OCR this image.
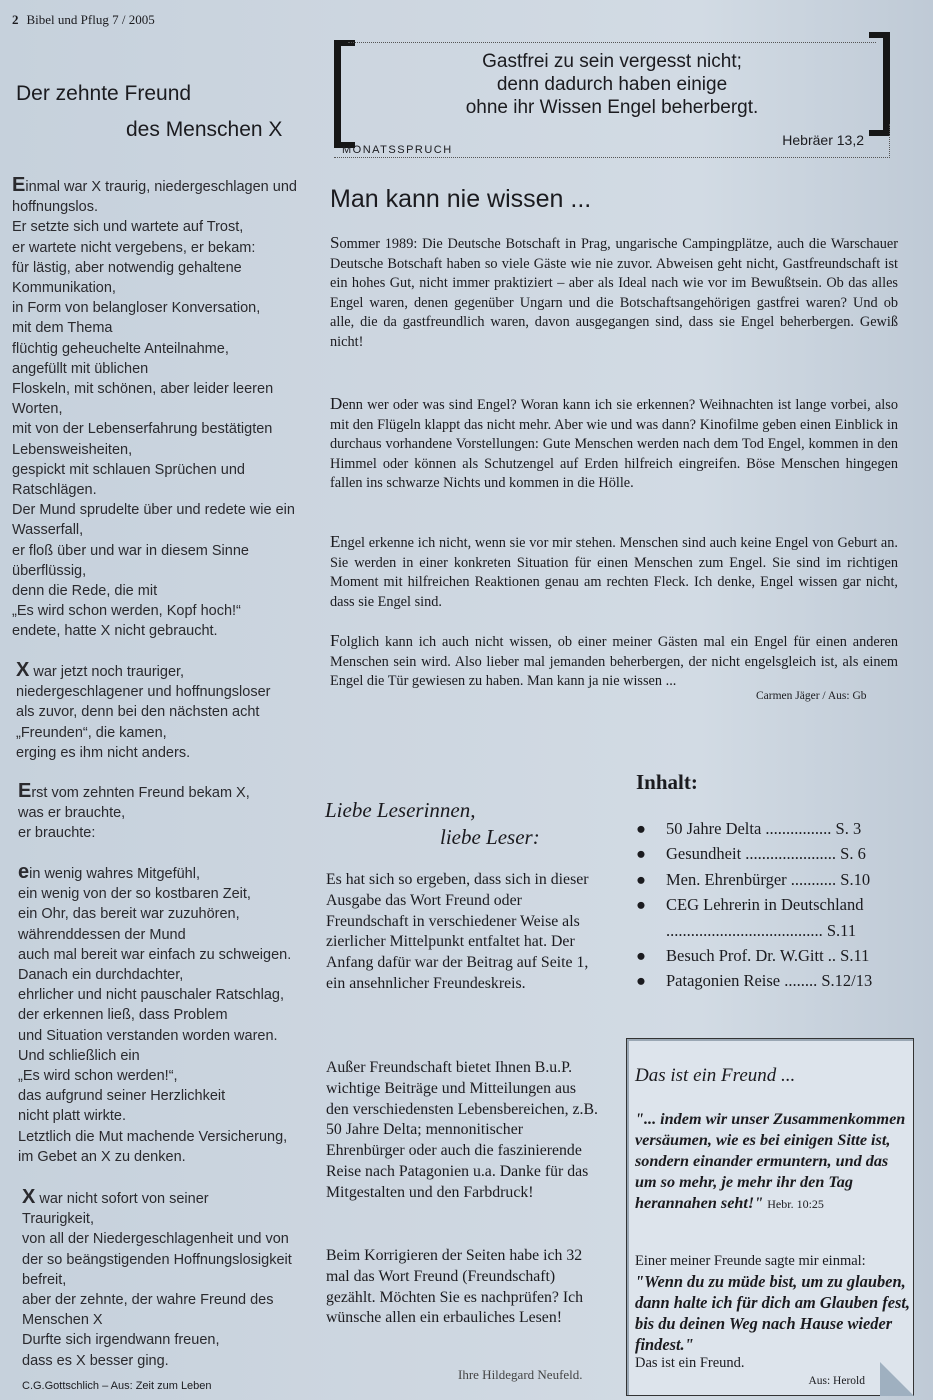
2 Bibel und Pflug 7 / 2005
Der zehnte Freund
des Menschen X
Einmal war X traurig, niedergeschlagen und
hoffnungslos.
Er setzte sich und wartete auf Trost,
er wartete nicht vergebens, er bekam:
für lästig, aber notwendig gehaltene
Kommunikation,
in Form von belangloser Konversation,
mit dem Thema
flüchtig geheuchelte Anteilnahme,
angefüllt mit üblichen
Floskeln, mit schönen, aber leider leeren
Worten,
mit von der Lebenserfahrung bestätigten
Lebensweisheiten,
gespickt mit schlauen Sprüchen und
Ratschlägen.
Der Mund sprudelte über und redete wie ein
Wasserfall,
er floß über und war in diesem Sinne
überflüssig,
denn die Rede, die mit
„Es wird schon werden, Kopf hoch!“
endete, hatte X nicht gebraucht.
X war jetzt noch trauriger,
niedergeschlagener und hoffnungsloser
als zuvor, denn bei den nächsten acht
„Freunden“, die kamen,
erging es ihm nicht anders.
Erst vom zehnten Freund bekam X,
was er brauchte,
er brauchte:
ein wenig wahres Mitgefühl,
ein wenig von der so kostbaren Zeit,
ein Ohr, das bereit war zuzuhören,
währenddessen der Mund
auch mal bereit war einfach zu schweigen.
Danach ein durchdachter,
ehrlicher und nicht pauschaler Ratschlag,
der erkennen ließ, dass Problem
und Situation verstanden worden waren.
Und schließlich ein
„Es wird schon werden!“,
das aufgrund seiner Herzlichkeit
nicht platt wirkte.
Letztlich die Mut machende Versicherung,
im Gebet an X zu denken.
X war nicht sofort von seiner
Traurigkeit,
von all der Niedergeschlagenheit und von
der so beängstigenden Hoffnungslosigkeit
befreit,
aber der zehnte, der wahre Freund des
Menschen X
Durfte sich irgendwann freuen,
dass es X besser ging.
C.G.Gottschlich – Aus: Zeit zum Leben
Gastfrei zu sein vergesst nicht;
denn dadurch haben einige
ohne ihr Wissen Engel beherbergt.
MONATSSPRUCH
Hebräer 13,2
Man kann nie wissen ...
Sommer 1989: Die Deutsche Botschaft in Prag, ungarische Campingplätze, auch die Warschauer Deutsche Botschaft haben so viele Gäste wie nie zuvor. Abweisen geht nicht, Gastfreundschaft ist ein hohes Gut, nicht immer praktiziert – aber als Ideal nach wie vor im Bewußtsein. Ob das alles Engel waren, denen gegenüber Ungarn und die Botschaftsangehörigen gastfrei waren? Und ob alle, die da gastfreundlich waren, davon ausgegangen sind, dass sie Engel beherbergen. Gewiß nicht!
Denn wer oder was sind Engel? Woran kann ich sie erkennen? Weihnachten ist lange vorbei, also mit den Flügeln klappt das nicht mehr. Aber wie und was dann? Kinofilme geben einen Einblick in durchaus vorhandene Vorstellungen: Gute Menschen werden nach dem Tod Engel, kommen in den Himmel oder können als Schutzengel auf Erden hilfreich eingreifen. Böse Menschen hingegen fallen ins schwarze Nichts und kommen in die Hölle.
Engel erkenne ich nicht, wenn sie vor mir stehen. Menschen sind auch keine Engel von Geburt an. Sie werden in einer konkreten Situation für einen Menschen zum Engel. Sie sind im richtigen Moment mit hilfreichen Reaktionen genau am rechten Fleck. Ich denke, Engel wissen gar nicht, dass sie Engel sind.
Folglich kann ich auch nicht wissen, ob einer meiner Gästen mal ein Engel für einen anderen Menschen sein wird. Also lieber mal jemanden beherbergen, der nicht engelsgleich ist, als einem Engel die Tür gewiesen zu haben. Man kann ja nie wissen ...
Carmen Jäger / Aus: Gb
Liebe Leserinnen,
liebe Leser:
Es hat sich so ergeben, dass sich in dieser Ausgabe das Wort Freund oder Freundschaft in verschiedener Weise als zierlicher Mittelpunkt entfaltet hat. Der Anfang dafür war der Beitrag auf Seite 1, ein ansehnlicher Freundeskreis.
Außer Freundschaft bietet Ihnen B.u.P. wichtige Beiträge und Mitteilungen aus den verschiedensten Lebensbereichen, z.B. 50 Jahre Delta; mennonitischer Ehrenbürger oder auch die faszinierende Reise nach Patagonien u.a. Danke für das Mitgestalten und den Farbdruck!
Beim Korrigieren der Seiten habe ich 32 mal das Wort Freund (Freundschaft) gezählt. Möchten Sie es nachprüfen? Ich wünsche allen ein erbauliches Lesen!
Ihre Hildegard Neufeld.
Inhalt:
● 50 Jahre Delta ................ S. 3
● Gesundheit ...................... S. 6
● Men. Ehrenbürger ........... S.10
● CEG Lehrerin in Deutschland
...................................... S.11
● Besuch Prof. Dr. W.Gitt .. S.11
● Patagonien Reise ........ S.12/13
Das ist ein Freund ...
"... indem wir unser Zusammenkommen versäumen, wie es bei einigen Sitte ist, sondern einander ermuntern, und das um so mehr, je mehr ihr den Tag herannahen seht!" Hebr. 10:25
Einer meiner Freunde sagte mir einmal:
"Wenn du zu müde bist, um zu glauben, dann halte ich für dich am Glauben fest, bis du deinen Weg nach Hause wieder findest."
Das ist ein Freund.
Aus: Herold
